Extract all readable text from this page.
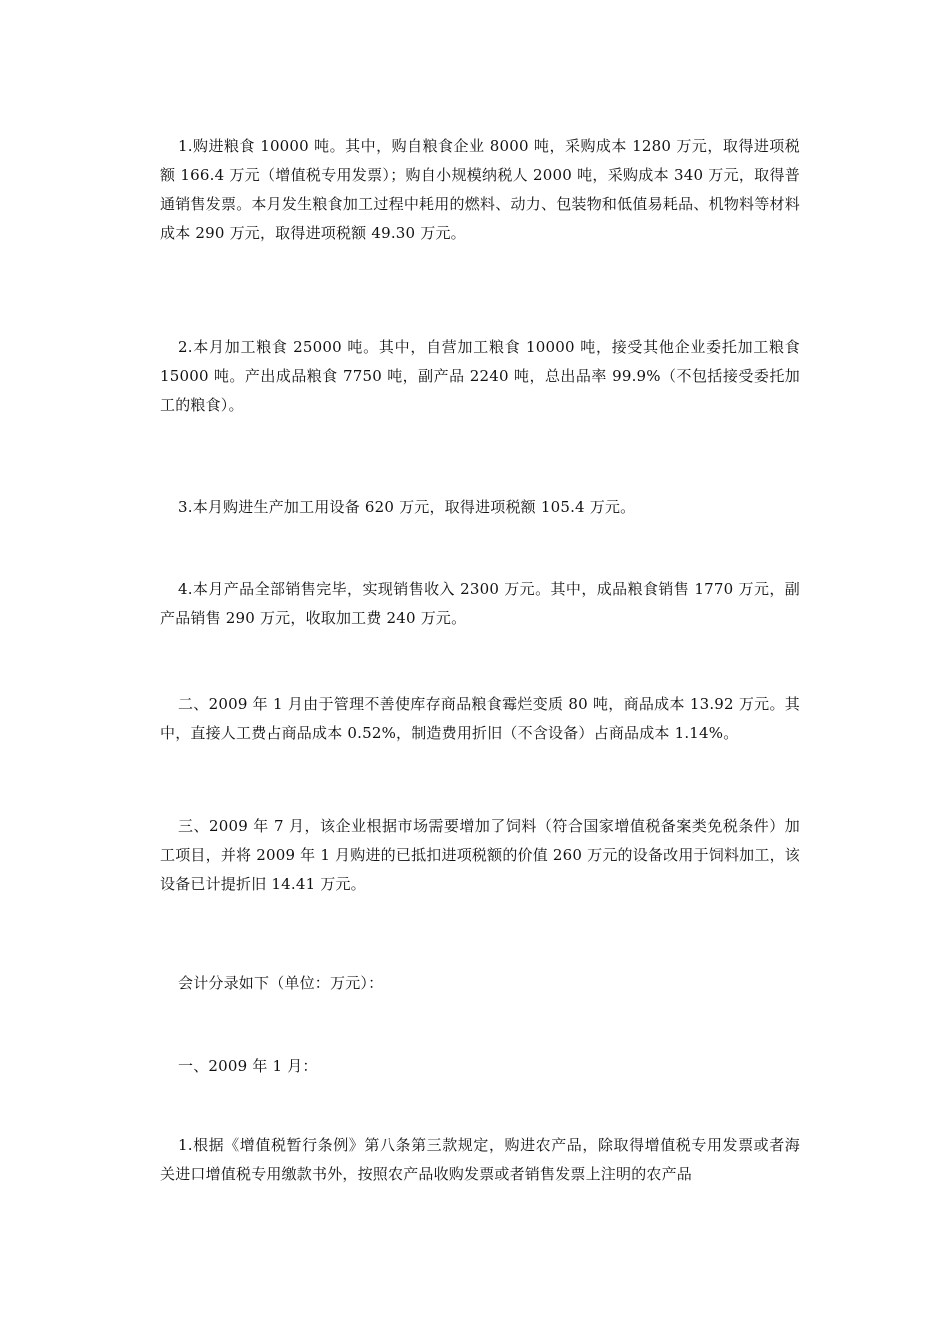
1.购进粮食 10000 吨。其中，购自粮食企业 8000 吨，采购成本 1280 万元，取得进项税额 166.4 万元（增值税专用发票）；购自小规模纳税人 2000 吨，采购成本 340 万元，取得普通销售发票。本月发生粮食加工过程中耗用的燃料、动力、包装物和低值易耗品、机物料等材料成本 290 万元，取得进项税额 49.30 万元。

2.本月加工粮食 25000 吨。其中，自营加工粮食 10000 吨，接受其他企业委托加工粮食 15000 吨。产出成品粮食 7750 吨，副产品 2240 吨，总出品率 99.9%（不包括接受委托加工的粮食）。

3.本月购进生产加工用设备 620 万元，取得进项税额 105.4 万元。

4.本月产品全部销售完毕，实现销售收入 2300 万元。其中，成品粮食销售 1770 万元，副产品销售 290 万元，收取加工费 240 万元。

二、2009 年 1 月由于管理不善使库存商品粮食霉烂变质 80 吨，商品成本 13.92 万元。其中，直接人工费占商品成本 0.52%，制造费用折旧（不含设备）占商品成本 1.14%。

三、2009 年 7 月，该企业根据市场需要增加了饲料（符合国家增值税备案类免税条件）加工项目，并将 2009 年 1 月购进的已抵扣进项税额的价值 260 万元的设备改用于饲料加工，该设备已计提折旧 14.41 万元。

会计分录如下（单位：万元）：

一、2009 年 1 月：

1.根据《增值税暂行条例》第八条第三款规定，购进农产品，除取得增值税专用发票或者海关进口增值税专用缴款书外，按照农产品收购发票或者销售发票上注明的农产品
